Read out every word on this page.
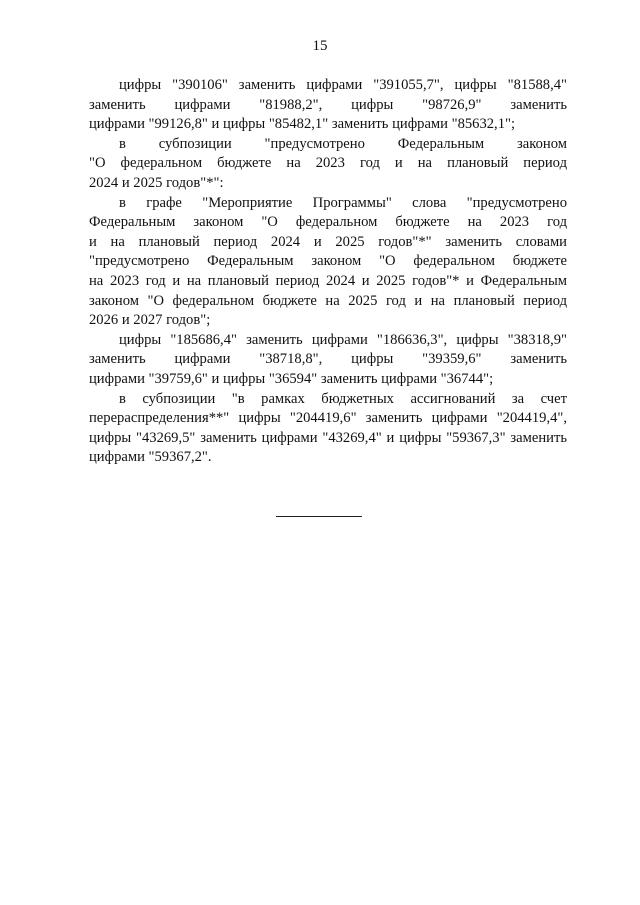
15
цифры "390106" заменить цифрами "391055,7", цифры "81588,4"
заменить цифрами "81988,2", цифры "98726,9" заменить
цифрами "99126,8" и цифры "85482,1" заменить цифрами "85632,1";
в субпозиции "предусмотрено Федеральным законом
"О федеральном бюджете на 2023 год и на плановый период
2024 и 2025 годов"*":
в графе "Мероприятие Программы" слова "предусмотрено
Федеральным законом "О федеральном бюджете на 2023 год
и на плановый период 2024 и 2025 годов"*" заменить словами
"предусмотрено Федеральным законом "О федеральном бюджете
на 2023 год и на плановый период 2024 и 2025 годов"* и Федеральным
законом "О федеральном бюджете на 2025 год и на плановый период
2026 и 2027 годов";
цифры "185686,4" заменить цифрами "186636,3", цифры "38318,9"
заменить цифрами "38718,8", цифры "39359,6" заменить
цифрами "39759,6" и цифры "36594" заменить цифрами "36744";
в субпозиции "в рамках бюджетных ассигнований за счет
перераспределения**" цифры "204419,6" заменить цифрами "204419,4",
цифры "43269,5" заменить цифрами "43269,4" и цифры "59367,3" заменить
цифрами "59367,2".
